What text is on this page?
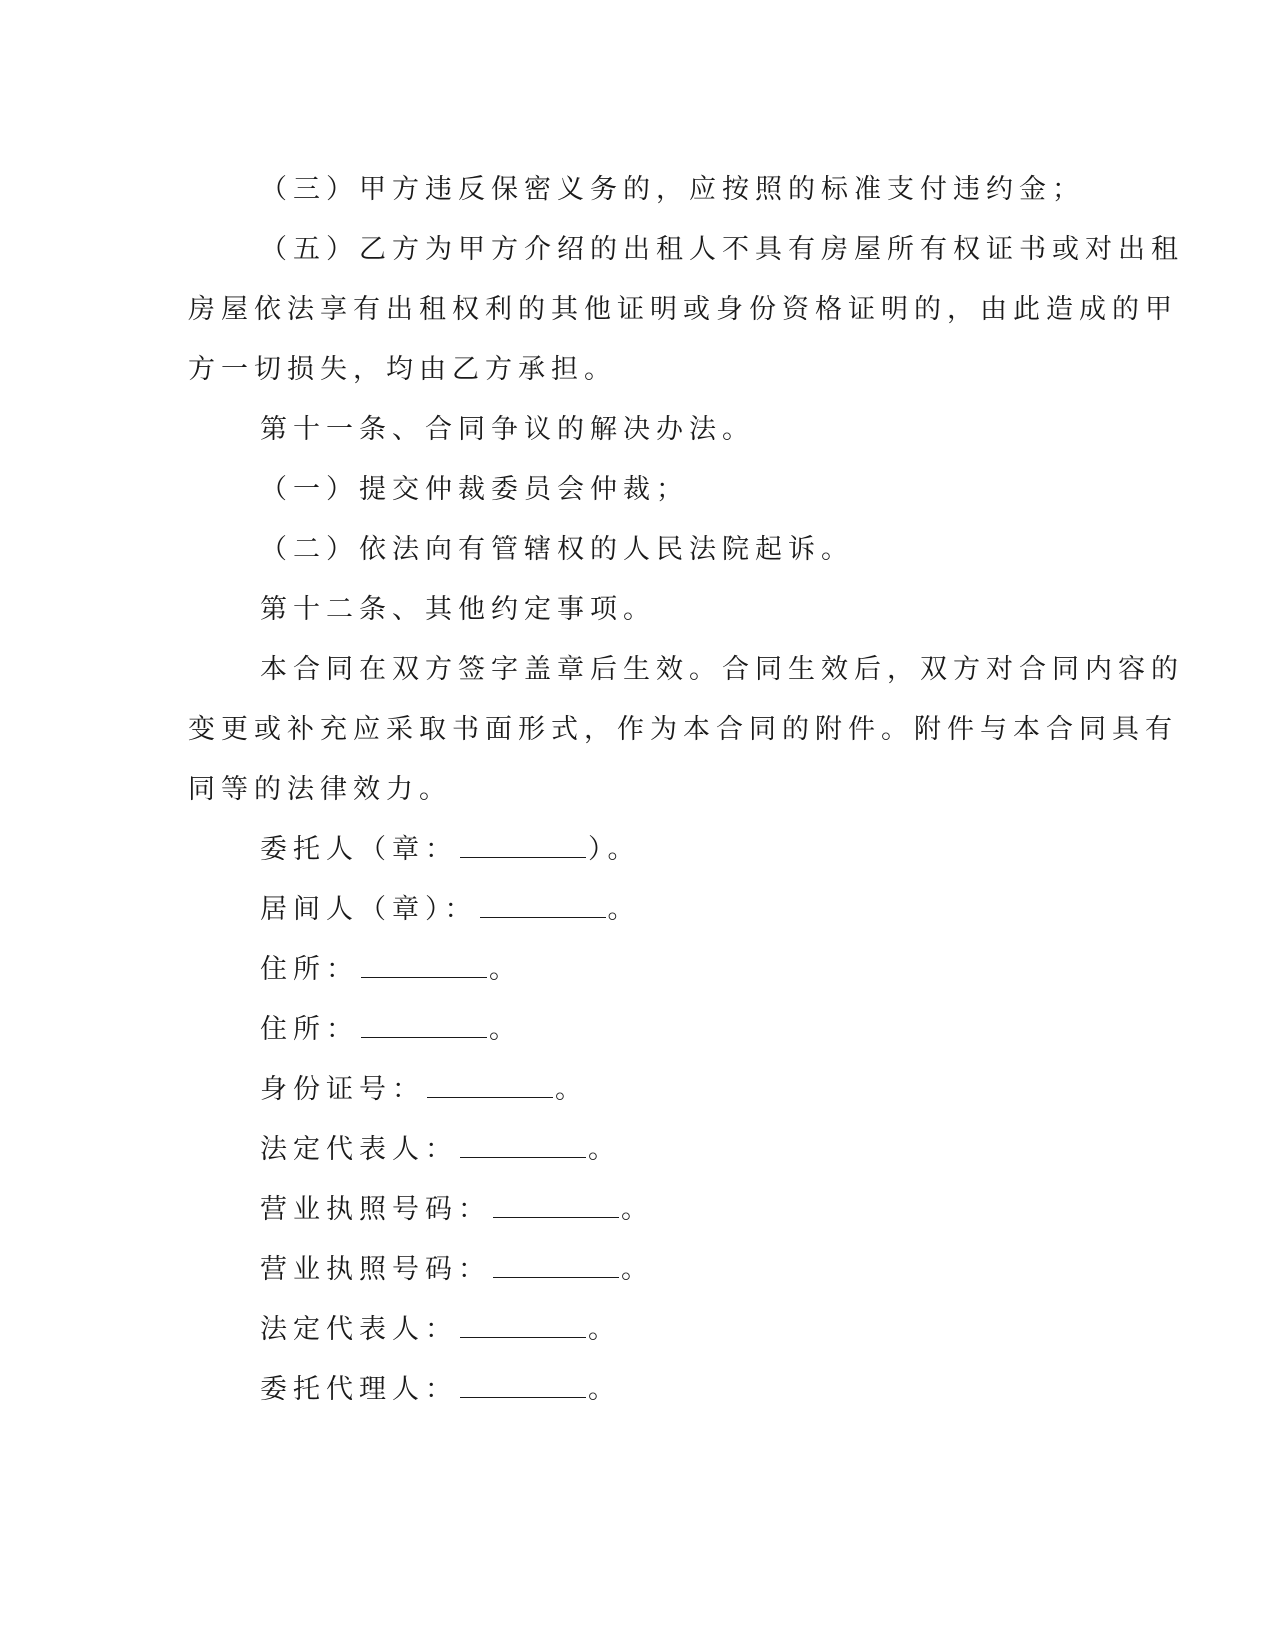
（三）甲方违反保密义务的，应按照的标准支付违约金；

（五）乙方为甲方介绍的出租人不具有房屋所有权证书或对出租

房屋依法享有出租权利的其他证明或身份资格证明的，由此造成的甲

方一切损失，均由乙方承担。

第十一条、合同争议的解决办法。

（一）提交仲裁委员会仲裁；

（二）依法向有管辖权的人民法院起诉。

第十二条、其他约定事项。

本合同在双方签字盖章后生效。合同生效后，双方对合同内容的

变更或补充应采取书面形式，作为本合同的附件。附件与本合同具有

同等的法律效力。

委托人（章：	）。

居间人（章）：	。

住所：	。

住所：	。

身份证号：	。

法定代表人：	。

营业执照号码：	。

营业执照号码：	。

法定代表人：	。

委托代理人：	。
